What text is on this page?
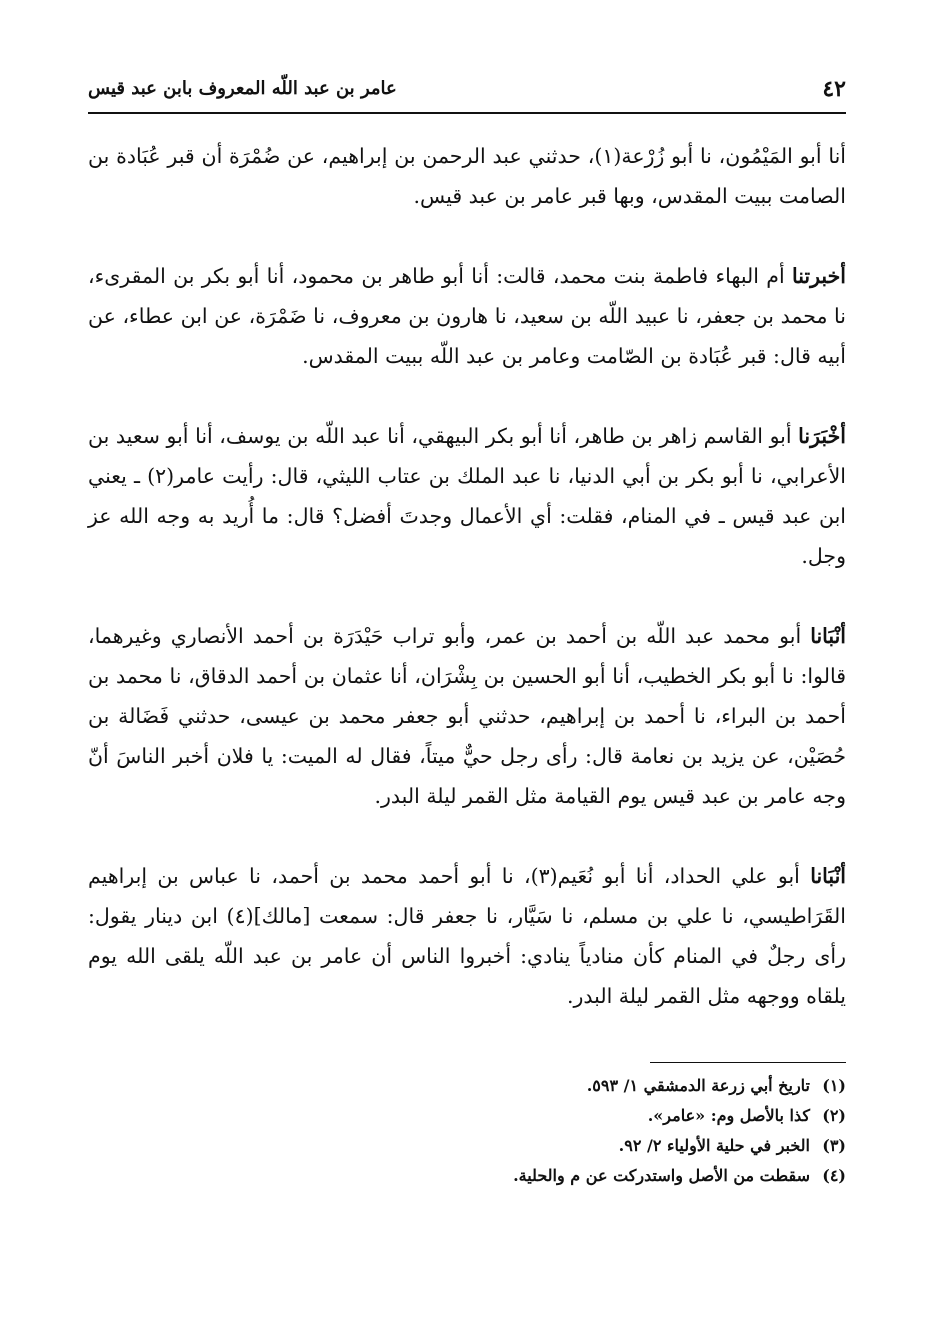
٤٢
عامر بن عبد اللّه المعروف بابن عبد قيس

أنا أبو المَيْمُون، نا أبو زُرْعة(١)، حدثني عبد الرحمن بن إبراهيم، عن ضُمْرَة أن قبر عُبَادة بن الصامت ببيت المقدس، وبها قبر عامر بن عبد قيس.

أخبرتنا أم البهاء فاطمة بنت محمد، قالت: أنا أبو طاهر بن محمود، أنا أبو بكر بن المقرىء، نا محمد بن جعفر، نا عبيد اللّه بن سعيد، نا هارون بن معروف، نا ضَمْرَة، عن ابن عطاء، عن أبيه قال: قبر عُبَادة بن الصّامت وعامر بن عبد اللّه ببيت المقدس.

أخْبَرَنا أبو القاسم زاهر بن طاهر، أنا أبو بكر البيهقي، أنا عبد اللّه بن يوسف، أنا أبو سعيد بن الأعرابي، نا أبو بكر بن أبي الدنيا، نا عبد الملك بن عتاب الليثي، قال: رأيت عامر(٢) ـ يعني ابن عبد قيس ـ في المنام، فقلت: أي الأعمال وجدتَ أفضل؟ قال: ما أُريد به وجه الله عز وجل.

أنْبَانا أبو محمد عبد اللّه بن أحمد بن عمر، وأبو تراب حَيْدَرَة بن أحمد الأنصاري وغيرهما، قالوا: نا أبو بكر الخطيب، أنا أبو الحسين بن بِشْرَان، أنا عثمان بن أحمد الدقاق، نا محمد بن أحمد بن البراء، نا أحمد بن إبراهيم، حدثني أبو جعفر محمد بن عيسى، حدثني فَضَالة بن حُصَيْن، عن يزيد بن نعامة قال: رأى رجل حيٌّ ميتاً، فقال له الميت: يا فلان أخبر الناسَ أنّ وجه عامر بن عبد قيس يوم القيامة مثل القمر ليلة البدر.

أنْبَانا أبو علي الحداد، أنا أبو نُعَيم(٣)، نا أبو أحمد محمد بن أحمد، نا عباس بن إبراهيم القَرَاطيسي، نا علي بن مسلم، نا سَيَّار، نا جعفر قال: سمعت [مالك](٤) ابن دينار يقول: رأى رجلٌ في المنام كأن منادياً ينادي: أخبروا الناس أن عامر بن عبد اللّه يلقى الله يوم يلقاه ووجهه مثل القمر ليلة البدر.

(١)تاريخ أبي زرعة الدمشقي ١/ ٥٩٣.
(٢)كذا بالأصل وم: «عامر».
(٣)الخبر في حلية الأولياء ٢/ ٩٢.
(٤)سقطت من الأصل واستدركت عن م والحلية.
